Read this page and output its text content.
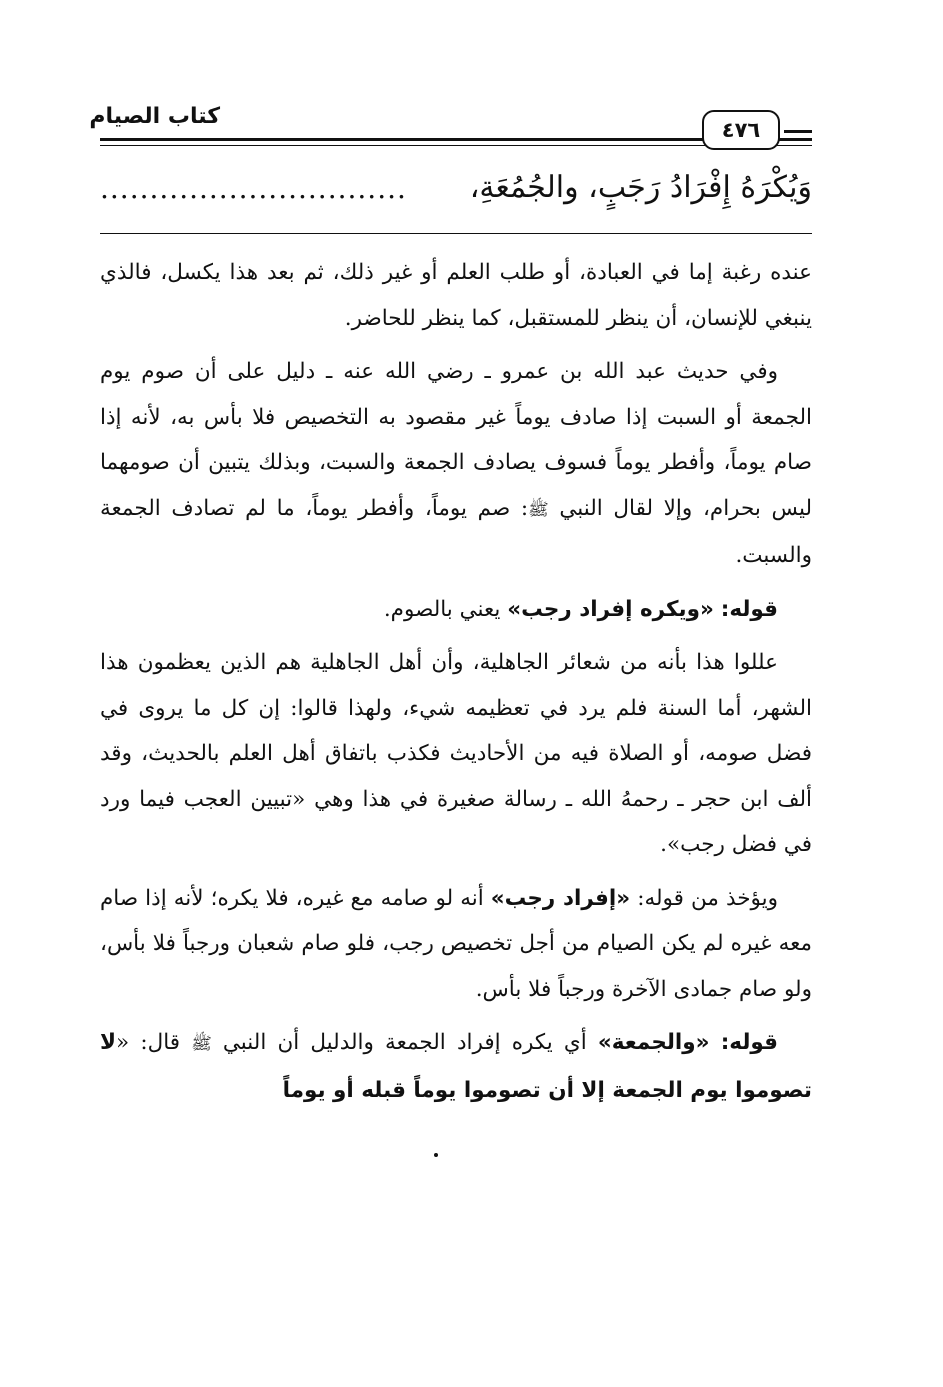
كتاب الصيام
٤٧٦
وَيُكْرَهُ إِفْرَادُ رَجَبٍ، والجُمُعَةِ،
...............................

عنده رغبة إما في العبادة، أو طلب العلم أو غير ذلك، ثم بعد هذا يكسل، فالذي ينبغي للإنسان، أن ينظر للمستقبل، كما ينظر للحاضر.

وفي حديث عبد الله بن عمرو ـ رضي الله عنه ـ دليل على أن صوم يوم الجمعة أو السبت إذا صادف يوماً غير مقصود به التخصيص فلا بأس به، لأنه إذا صام يوماً، وأفطر يوماً فسوف يصادف الجمعة والسبت، وبذلك يتبين أن صومهما ليس بحرام، وإلا لقال النبي ﷺ: صم يوماً، وأفطر يوماً، ما لم تصادف الجمعة والسبت.

قوله: «ويكره إفراد رجب» يعني بالصوم.

عللوا هذا بأنه من شعائر الجاهلية، وأن أهل الجاهلية هم الذين يعظمون هذا الشهر، أما السنة فلم يرد في تعظيمه شيء، ولهذا قالوا: إن كل ما يروى في فضل صومه، أو الصلاة فيه من الأحاديث فكذب باتفاق أهل العلم بالحديث، وقد ألف ابن حجر ـ رحمهُ الله ـ رسالة صغيرة في هذا وهي «تبيين العجب فيما ورد في فضل رجب».

ويؤخذ من قوله: «إفراد رجب» أنه لو صامه مع غيره، فلا يكره؛ لأنه إذا صام معه غيره لم يكن الصيام من أجل تخصيص رجب، فلو صام شعبان ورجباً فلا بأس، ولو صام جمادى الآخرة ورجباً فلا بأس.

قوله: «والجمعة» أي يكره إفراد الجمعة والدليل أن النبي ﷺ قال: «لا تصوموا يوم الجمعة إلا أن تصوموا يوماً قبله أو يوماً
